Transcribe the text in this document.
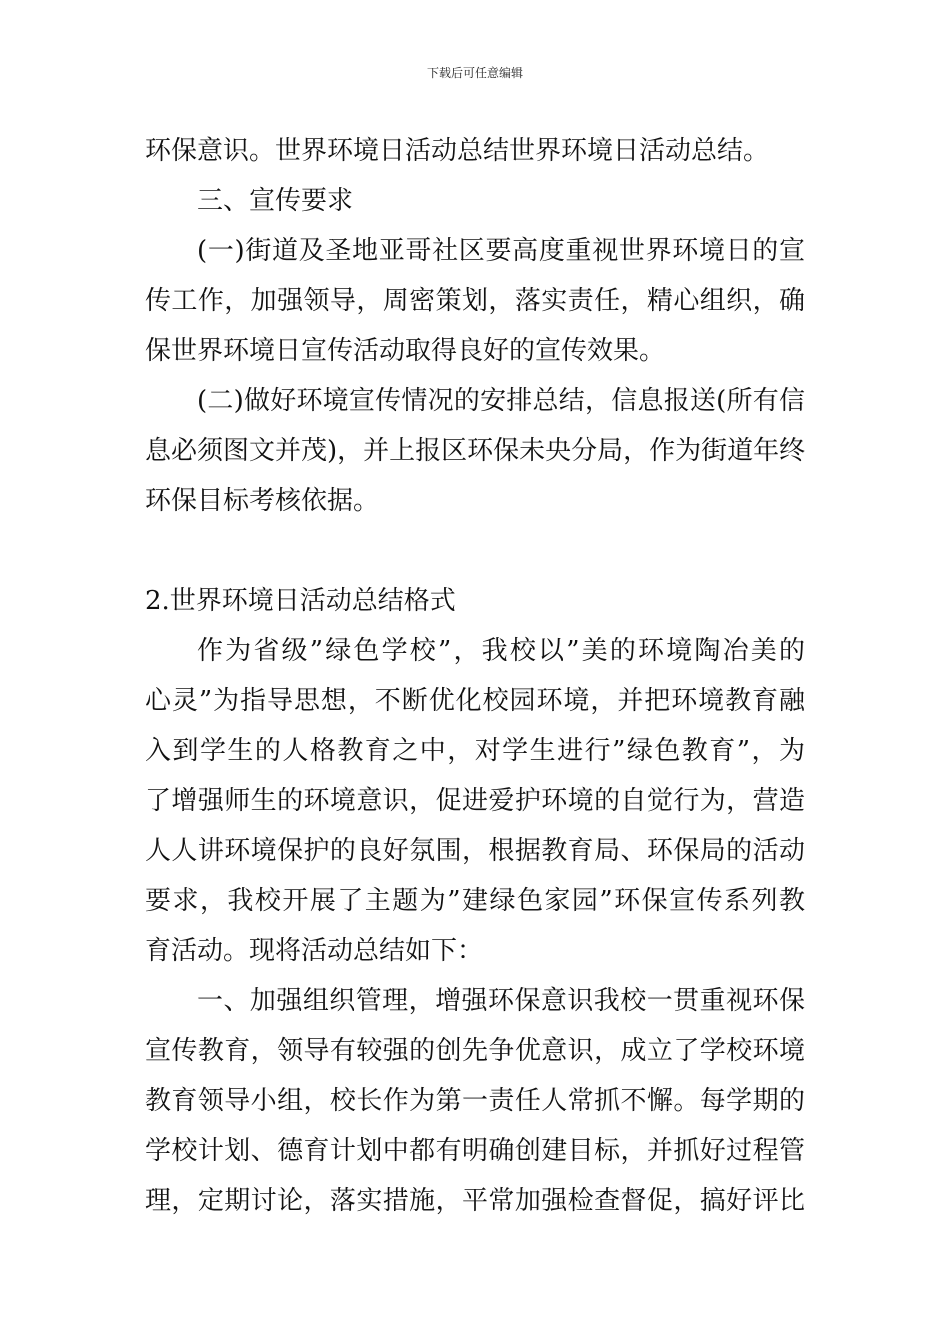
下载后可任意编辑
环保意识。世界环境日活动总结世界环境日活动总结。
三、宣传要求
(一)街道及圣地亚哥社区要高度重视世界环境日的宣
传工作，加强领导，周密策划，落实责任，精心组织，确
保世界环境日宣传活动取得良好的宣传效果。
(二)做好环境宣传情况的安排总结，信息报送(所有信
息必须图文并茂)，并上报区环保未央分局，作为街道年终
环保目标考核依据。
2.世界环境日活动总结格式
作为省级”绿色学校”，我校以”美的环境陶冶美的
心灵”为指导思想，不断优化校园环境，并把环境教育融
入到学生的人格教育之中，对学生进行”绿色教育”，为
了增强师生的环境意识，促进爱护环境的自觉行为，营造
人人讲环境保护的良好氛围，根据教育局、环保局的活动
要求，我校开展了主题为”建绿色家园”环保宣传系列教
育活动。现将活动总结如下：
一、加强组织管理，增强环保意识我校一贯重视环保
宣传教育，领导有较强的创先争优意识，成立了学校环境
教育领导小组，校长作为第一责任人常抓不懈。每学期的
学校计划、德育计划中都有明确创建目标，并抓好过程管
理，定期讨论，落实措施，平常加强检查督促，搞好评比
